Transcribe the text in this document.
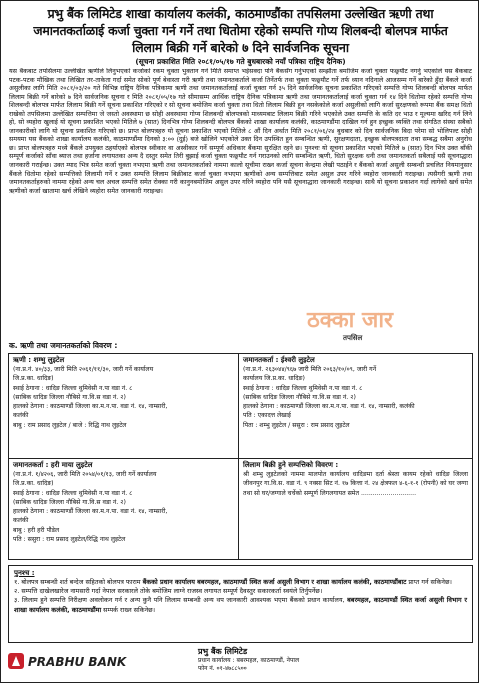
प्रभु बैंक लिमिटेड शाखा कार्यालय कलंकी, काठमाण्डौंका तपसिलमा उल्लेखित ऋणी तथा
जमानतकर्ताळाई कर्जा चुक्ता गर्न गर्ने तथा धितोमा रहेको सम्पत्ति गोप्य शिलबन्दी बोलपत्र मार्फत
लिलाम बिक्री गर्ने बारेको ७ दिने सार्वजनिक सूचना
(सूचना प्रकाशित मिति २०८१/०५/१७ गते बुधबारको नयाँ पत्रिका राष्ट्रिय दैनिक)
यस बैंकबाट तपसिलमा उल्लेखित ऋणीले लिनुभएको कर्जाको रकम चुक्ता भुक्तान गर्ने मिति समाप्त भईसक्दा पनि बैंकसँग गर्नुभएको सम्झौता बमोजिम कर्जा चुक्ता फछ्र्यौट नगर्नु भएकोले यस बैंकबाट पटक-पटक मौखिक तथा लिखित तर-ताकेता गर्दा समेत सोको पूर्ण बेवास्ता गरी ऋणी तथा जमानतकर्ताले कर्जा तिर्नेतर्फ तथा चुक्ता फछ्र्यौट गर्ने तर्फ ध्यान नदिनाले आजसम्म गर्ने बारेको हुँदा बैंकले कर्जा असुलीका लागि मिति २०८१/०३/२० गते विभिन्न राष्ट्रिय दैनिक पत्रिकामा ऋणी तथा जमानतकर्तालाई कर्जा चुक्ता गर्न ३५ दिने सार्वजनिक सूचना प्रकाशित गरिएको सम्पत्ति गोप्य शिलबन्दी बोलपत्र मार्फत लिलाम बिक्री गर्ने बारेको ७ दिने सार्वजनिक सूचना र मिति २०८१/०५/१७ गते सीमासम्म आर्थिक राष्ट्रिय दैनिक पत्रिकामा ऋणी तथा जमानतकर्तालाई कर्जा चुक्ता गर्न १४ दिने धितोमा रहेको सम्पत्ति गोप्य शिलबन्दी बोलपत्र मार्फत लिलाम बिक्री गर्ने सूचना प्रकाशित गरिएको र सो सूचना बमोजिम कर्जा चुक्ता तथा धितो लिलाम बिक्री हुन नसकेकोले कर्जा असुलीको लागि कर्जा सुरक्षणको रूपमा बैंक समक्ष धितो राखेको तपसिलमा उल्लेखित सम्पत्तिमा जे जस्तो अवस्थामा छ सोही अवस्थामा गोप्य शिलबन्दी बोलपत्रको माध्यमबाट लिलाम बिक्री गरिने भएकोले उक्त सम्पत्ति के कति दर भाउ र मूल्यमा खरिद गर्न लिने हो, सो व्यहोरा खुलाई यो सूचना प्रकाशित भएको मितिले ७ (सात) दिनभित्र गोप्य शिलबन्दी बोलपत्र बैंकको शाखा कार्यालय कलंकी, काठमाण्डौंमा दाखिल गर्न हुन इच्छुक व्यक्ति तथा संगठित संस्था सबैको जानकारीको लागि यो सूचना प्रकाशित गरिएको छ। प्राप्त बोलपत्रहरु यो सूचना प्रकाशित भएको मितिले ८ औं दिन अर्थात मिति २०८१/०६/२४ बुधबार को दिन सार्वजनिक बिदा परेमा सो भोलिपल्ट सोही समयमा यस बैंकको शाखा कार्यालय कलंकी, काठमाण्डौंमा दिनको ३:०० (दुई) बजे खोलिने भएकोले उक्त दिन उपस्थित हुन सम्बन्धित ऋणी, सुरक्षणदाता, इच्छुक बोलपत्रदाता तथा सम्बद्ध सबैमा अनुरोध छ। प्राप्त बोलपत्रहरु मध्ये बैंकले उपयुक्त ठहर्याएको बोलपत्र स्वीकार वा अस्वीकार गर्ने सम्पूर्ण अधिकार बैंकमा सुरक्षित रहने छ। पुनश्चः यो सूचना प्रकाशित भएको मितिले ७ (सात) दिन भित्र उक्त बाँकी सम्पूर्ण कर्जाको साँवा ब्याज तथा हर्जाना लगायतका अन्य दै दस्तुर समेत तिरी बुझाई कर्जा चुक्ता फछ्र्यौट गर्न गराउनको लागि सम्बन्धित ऋणी, धितो सुरक्षक धनी तथा जमानतकर्ता सबैलाई यसै सूचनाद्धारा जानकारी गराईन्छ। उक्त म्याद भित्र समेत कर्जा चुक्ता नभएमा ऋणी तथा जमानतकर्ताको नाममा कालो सूचीमा राख्न कर्जा सूचना केन्द्रमा लेखी पठाईने र बैंकको कर्जा असुली सम्बन्धी प्रचलित नियमानुसार बैंकले धितोमा रहेको सम्पत्तिको लिलामी गर्ने र उक्त सम्पत्ति लिलाम बिक्रीबाट कर्जा चुक्ता नभएमा ऋणीको अन्य सम्पत्तिबाट समेत असुल उपर गरिने व्यहोरा जानकारी गराइन्छ। त्यसैगरी ऋणी तथा जमानतकर्ताहरुको नाममा रहेको अन्य चल अचल सम्पत्ति समेत रोक्का गरी कानुनबमोजिम असुल उपर गरिने व्यहोरा पनि यसै सूचनाद्धारा जानकारी गराइन्छ। साथै यो सूचना प्रकाशन गर्दा लागेको खर्च समेत ऋणीको कर्जा खातामा खर्च लेखिने व्यहोरा समेत जानकारी गराइन्छ।
ठक्का जार
तपसिल
क. ऋणी तथा जमानतकर्ताको विवरण :
ऋणी : शम्भु लुइटेल
(ना.प्र.नं. ४०/३३, जारी मिति २०६१/११/३०, जारी गर्ने कार्यालय
जि.प्र.का. धादिङ)
स्थाई ठेगाना : धादिङ जिल्ला थुमिवेसी न.पा वडा नं. ८
(साबिक धादिङ जिल्ला नौबिसे गा.वि.स वडा नं. २)
हालको ठेगाना : काठमाण्डौं जिल्ला का.म.न.पा. वडा नं. १४, नाम्सारी,
कलंकी
बाबु : राम प्रसाद लुइटेल / बाजे : रिद्धि नाथ लुइटेल
जमानतकर्ता : हरी माया लुइटेल
(ना.प्र.नं. १/४२०६, जारी मिति २०५४/०१/१३, जारी गर्ने कार्यालय
जि.प्र.का. धादिङ)
स्थाई ठेगाना : धादिङ जिल्ला थुमिवेसी न.पा वडा नं. ८
(साबिक धादिङ जिल्ला नौबिसे गा.वि.स वडा नं. २)
हालको ठेगाना : काठमाण्डौं जिल्ला का.म.न.पा. वडा नं. १४, नाम्सारी,
कलंकी
बाबु : हरी हरी पौडेल
पति : ससुरा : राम प्रसाद लुइटेल/रिद्धि नाथ लुइटेल
जमानतकर्ता : ईश्वरी लुइटेल
(ना.प्र.नं. २६३०४४/९६७ जारी मिति २०६३/१०/०९, जारी गर्ने
कार्यालय जि.प्र.का. धादिङ)
स्थाई ठेगाना : धादिङ जिल्ला थुमिवेसी न.पा वडा नं. ८
(साबिक धादिङ जिल्ला नौबिसे गा.वि.स वडा नं. २)
हालको ठेगाना : काठमाण्डौं जिल्ला का.म.न.पा. वडा नं. १४, नाम्सारी, कलंकी
पति : एकादत्त लेखाई
पिता : शम्भु लुइटेल / ससुरा : राम प्रसाद लुइटेल
लिलाम बिक्री हुने सम्पत्तिको विवरण :
श्री शम्भु लुइटेलको नाममा मालपोत कार्यालय धादिङमा दर्ता श्रेस्ता कायम रहेको धादिङ जिल्ला जीवनपुर गा.वि.स. वडा नं. ९ नक्सा सिट नं. १७ कित्ता नं. २४ क्षेत्रफल ४-६-१-१ (रोपनी) को घर जग्गा तथा सो घर/जग्गाले चर्चेको सम्पूर्ण लिगलगायत समेत ............................
पुनश्च :
१. बोलपत्र सम्बन्धी शर्त बन्देज सहितको बोलपत्र फाराम बैंकको प्रधान कार्यालय बबरमहल, काठमाण्डौं स्थित कर्जा असुली विभाग र शाखा कार्यालय कलंकी, काठमाण्डौंबाट प्राप्त गर्न सकिनेछ।
२. सम्पत्ति दाखेलखारेज नामसारी गर्दा नेपाल सरकारले तोके बमोजिम लाग्ने राजस्व लगायत सम्पूर्ण दैवस्तुर सकारकर्ता स्वयंले तिर्नुपर्नेछ।
३. लिलाम हुने सम्पत्ति निरीक्षण अवलोकन गर्न र अन्य कुनै पनि लिलाम सम्बन्धी अन्य थप जानकारी आवश्यक भएमा बैंकको प्रधान कार्यालय, बबरमहल, काठमाण्डौं स्थित कर्जा असुली विभाग र शाखा कार्यालय कलंकी, काठमाण्डौंमा सम्पर्क राख्न सकिनेछ।
PRABHU BANK
प्रभु बैंक लिमिटेड
प्रधान कार्यालय : बबरमहल, काठमाण्डौं, नेपाल
फोन नं. ०१-४७८८५००
